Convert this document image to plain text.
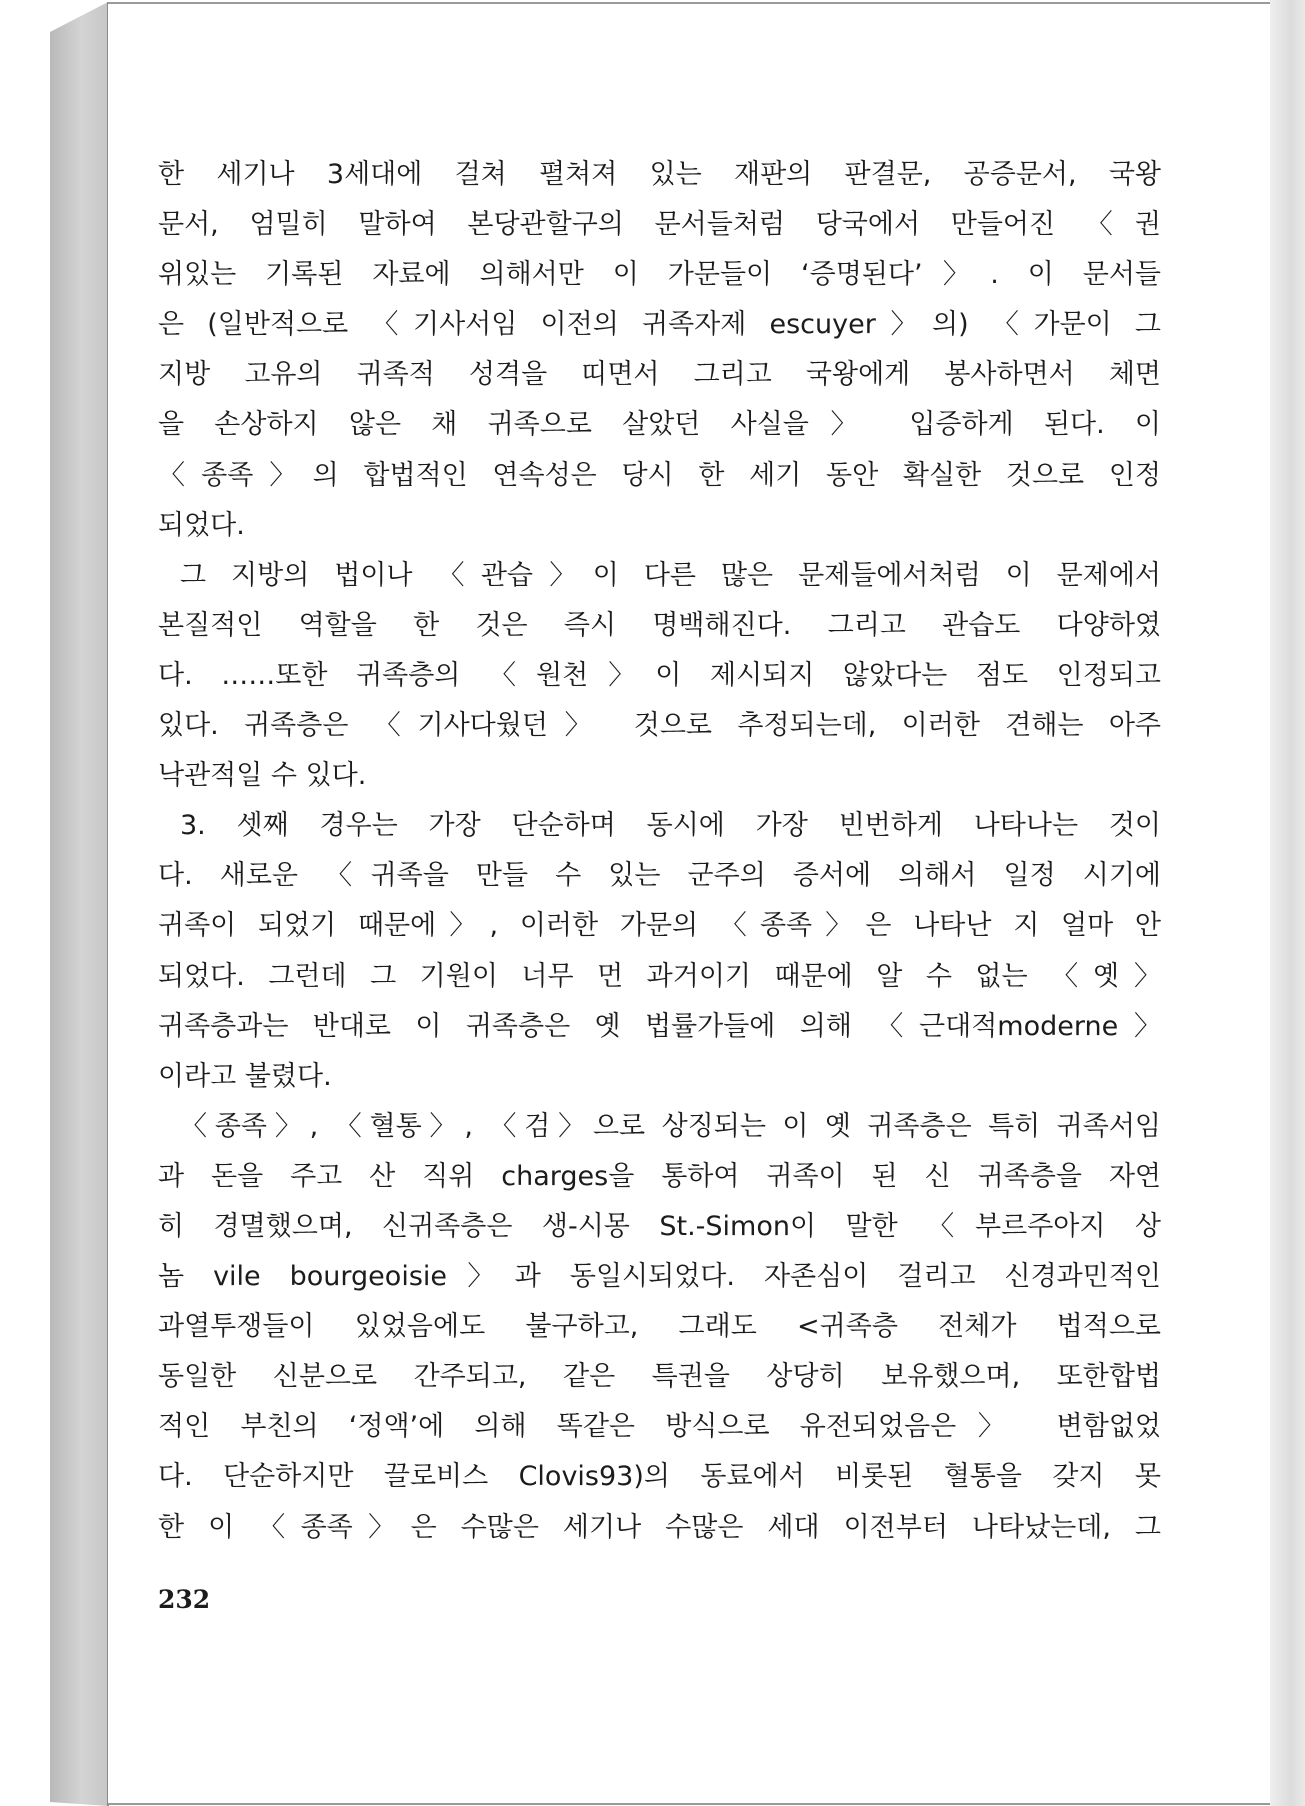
한 세기나 3세대에 걸쳐 펼쳐져 있는 재판의 판결문, 공증문서, 국왕
문서, 엄밀히 말하여 본당관할구의 문서들처럼 당국에서 만들어진 〈권
위있는 기록된 자료에 의해서만 이 가문들이 ‘증명된다’〉. 이 문서들
은 (일반적으로 〈기사서임 이전의 귀족자제 escuyer〉의) 〈가문이 그
지방 고유의 귀족적 성격을 띠면서 그리고 국왕에게 봉사하면서 체면
을 손상하지 않은 채 귀족으로 살았던 사실을〉 입증하게 된다. 이
〈종족〉의 합법적인 연속성은 당시 한 세기 동안 확실한 것으로 인정
되었다.
그 지방의 법이나 〈관습〉이 다른 많은 문제들에서처럼 이 문제에서
본질적인 역할을 한 것은 즉시 명백해진다. 그리고 관습도 다양하였
다. ……또한 귀족층의 〈원천〉이 제시되지 않았다는 점도 인정되고
있다. 귀족층은 〈기사다웠던〉 것으로 추정되는데, 이러한 견해는 아주
낙관적일 수 있다.
3. 셋째 경우는 가장 단순하며 동시에 가장 빈번하게 나타나는 것이
다. 새로운 〈귀족을 만들 수 있는 군주의 증서에 의해서 일정 시기에
귀족이 되었기 때문에〉, 이러한 가문의 〈종족〉은 나타난 지 얼마 안
되었다. 그런데 그 기원이 너무 먼 과거이기 때문에 알 수 없는 〈옛〉
귀족층과는 반대로 이 귀족층은 옛 법률가들에 의해 〈근대적moderne〉
이라고 불렸다.
〈종족〉, 〈혈통〉, 〈검〉으로 상징되는 이 옛 귀족층은 특히 귀족서임
과 돈을 주고 산 직위 charges을 통하여 귀족이 된 신 귀족층을 자연
히 경멸했으며, 신귀족층은 생-시몽 St.-Simon이 말한 〈부르주아지 상
놈 vile bourgeoisie〉과 동일시되었다. 자존심이 걸리고 신경과민적인
과열투쟁들이 있었음에도 불구하고, 그래도 <귀족층 전체가 법적으로
동일한 신분으로 간주되고, 같은 특권을 상당히 보유했으며, 또한합법
적인 부친의 ‘정액’에 의해 똑같은 방식으로 유전되었음은〉 변함없었
다. 단순하지만 끌로비스 Clovis93)의 동료에서 비롯된 혈통을 갖지 못
한 이 〈종족〉은 수많은 세기나 수많은 세대 이전부터 나타났는데, 그
232
